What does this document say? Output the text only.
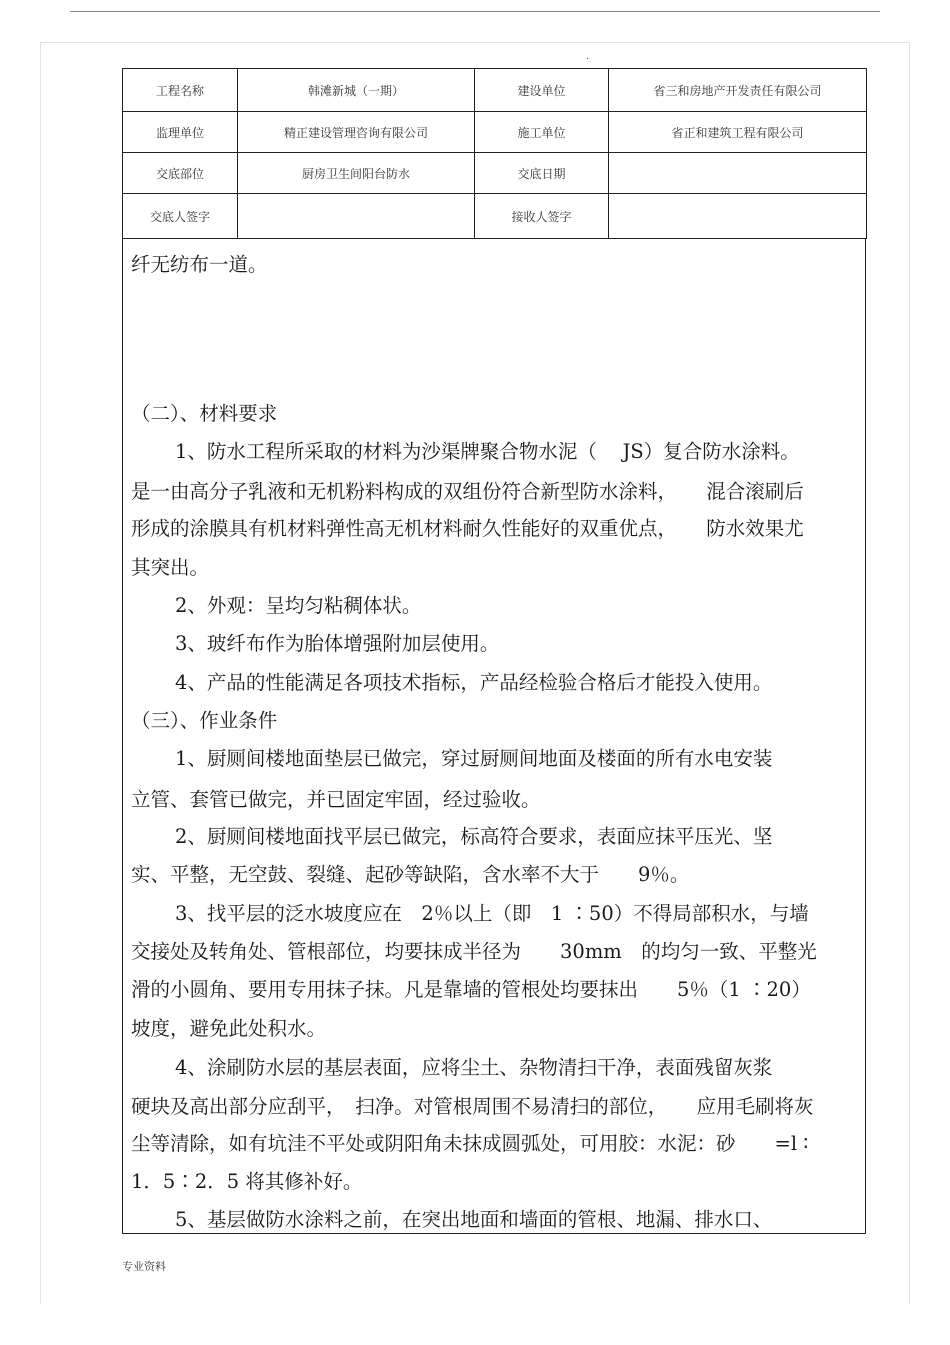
.
工程名称	韩滩新城（一期）	建设单位	省三和房地产开发责任有限公司
监理单位	精正建设管理咨询有限公司	施工单位	省正和建筑工程有限公司
交底部位	厨房卫生间阳台防水	交底日期	
交底人签字		接收人签字	
纤无纺布一道。
（二）、材料要求
1、防水工程所采取的材料为沙渠牌聚合物水泥（　 JS）复合防水涂料。
是一由高分子乳液和无机粉料构成的双组份符合新型防水涂料，　　混合滚刷后
形成的涂膜具有机材料弹性高无机材料耐久性能好的双重优点，　　防水效果尤
其突出。
2、外观：呈均匀粘稠体状。
3、玻纤布作为胎体增强附加层使用。
4、产品的性能满足各项技术指标，产品经检验合格后才能投入使用。
（三）、作业条件
1、厨厕间楼地面垫层已做完，穿过厨厕间地面及楼面的所有水电安装
立管、套管已做完，并已固定牢固，经过验收。
2、厨厕间楼地面找平层已做完，标高符合要求，表面应抹平压光、坚
实、平整，无空鼓、裂缝、起砂等缺陷，含水率不大于　　9％。
3、找平层的泛水坡度应在　2％以上（即　1 ∶50）不得局部积水，与墙
交接处及转角处、管根部位，均要抹成半径为　　30mm　的均匀一致、平整光
滑的小圆角、要用专用抹子抹。凡是靠墙的管根处均要抹出　　5％（1 ∶20）
坡度，避免此处积水。
4、涂刷防水层的基层表面，应将尘土、杂物清扫干净，表面残留灰浆
硬块及高出部分应刮平，　扫净。对管根周围不易清扫的部位，　　应用毛刷将灰
尘等清除，如有坑洼不平处或阴阳角未抹成圆弧处，可用胶：水泥：砂　　=l ∶
1．5∶2．5 将其修补好。
5、基层做防水涂料之前，在突出地面和墙面的管根、地漏、排水口、
专业资料
